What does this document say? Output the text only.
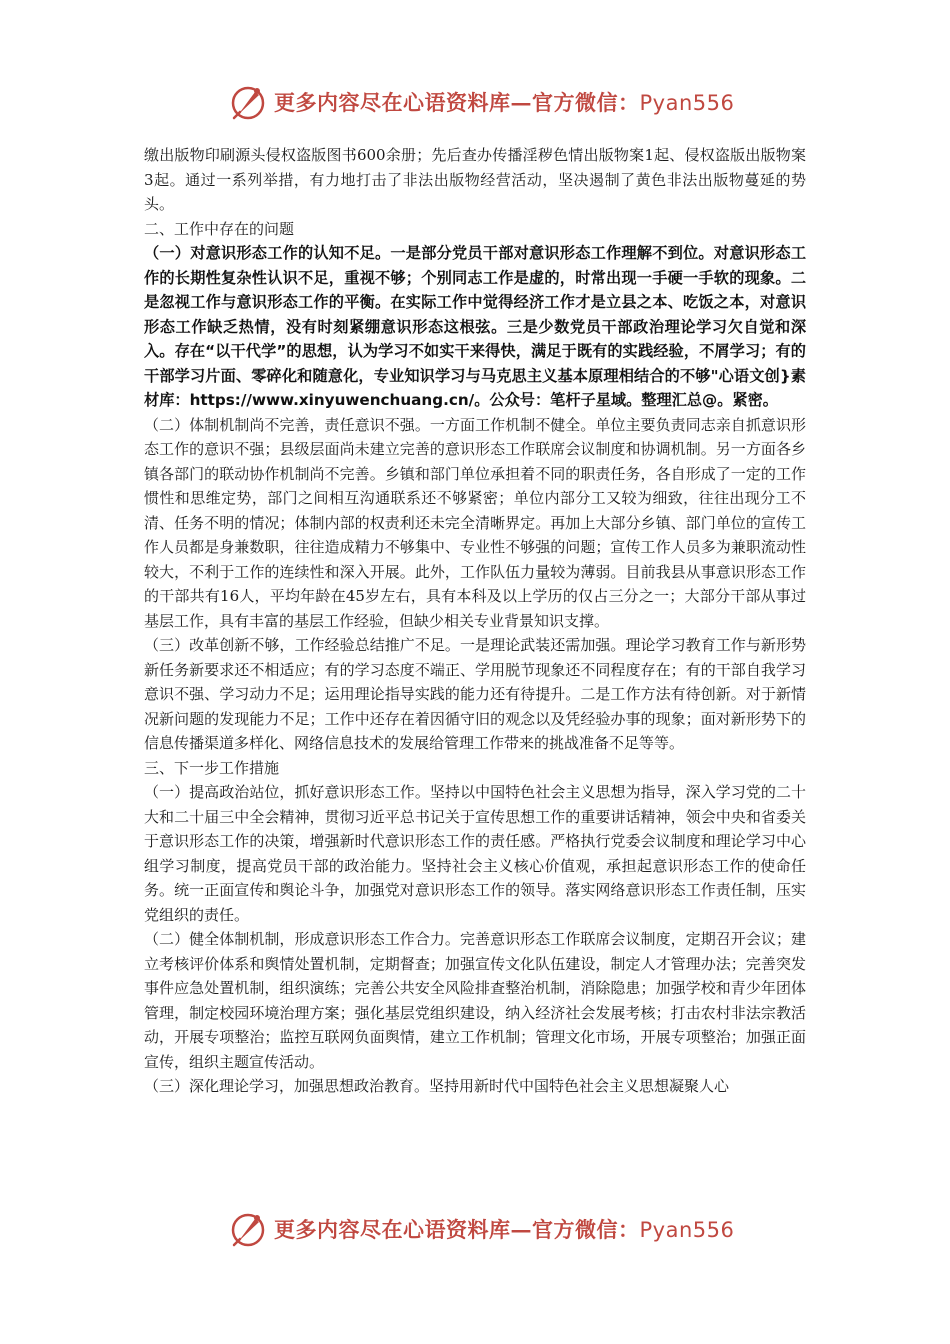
更多内容尽在心语资料库—官方微信：Pyan556

缴出版物印刷源头侵权盗版图书600余册；先后查办传播淫秽色情出版物案1起、侵权盗版出版物案3起。通过一系列举措，有力地打击了非法出版物经营活动，坚决遏制了黄色非法出版物蔓延的势头。

二、工作中存在的问题

（一）对意识形态工作的认知不足。一是部分党员干部对意识形态工作理解不到位。对意识形态工作的长期性复杂性认识不足，重视不够；个别同志工作是虚的，时常出现一手硬一手软的现象。二是忽视工作与意识形态工作的平衡。在实际工作中觉得经济工作才是立县之本、吃饭之本，对意识形态工作缺乏热情，没有时刻紧绷意识形态这根弦。三是少数党员干部政治理论学习欠自觉和深入。存在“以干代学”的思想，认为学习不如实干来得快，满足于既有的实践经验，不屑学习；有的干部学习片面、零碎化和随意化，专业知识学习与马克思主义基本原理相结合的不够"心语文创}素材库：https://www.xinyuwenchuang.cn/。公众号：笔杆子星域。整理汇总@。紧密。

（二）体制机制尚不完善，责任意识不强。一方面工作机制不健全。单位主要负责同志亲自抓意识形态工作的意识不强；县级层面尚未建立完善的意识形态工作联席会议制度和协调机制。另一方面各乡镇各部门的联动协作机制尚不完善。乡镇和部门单位承担着不同的职责任务，各自形成了一定的工作惯性和思维定势，部门之间相互沟通联系还不够紧密；单位内部分工又较为细致，往往出现分工不清、任务不明的情况；体制内部的权责利还未完全清晰界定。再加上大部分乡镇、部门单位的宣传工作人员都是身兼数职，往往造成精力不够集中、专业性不够强的问题；宣传工作人员多为兼职流动性较大，不利于工作的连续性和深入开展。此外，工作队伍力量较为薄弱。目前我县从事意识形态工作的干部共有16人，平均年龄在45岁左右，具有本科及以上学历的仅占三分之一；大部分干部从事过基层工作，具有丰富的基层工作经验，但缺少相关专业背景知识支撑。

（三）改革创新不够，工作经验总结推广不足。一是理论武装还需加强。理论学习教育工作与新形势新任务新要求还不相适应；有的学习态度不端正、学用脱节现象还不同程度存在；有的干部自我学习意识不强、学习动力不足；运用理论指导实践的能力还有待提升。二是工作方法有待创新。对于新情况新问题的发现能力不足；工作中还存在着因循守旧的观念以及凭经验办事的现象；面对新形势下的信息传播渠道多样化、网络信息技术的发展给管理工作带来的挑战准备不足等等。

三、下一步工作措施

（一）提高政治站位，抓好意识形态工作。坚持以中国特色社会主义思想为指导，深入学习党的二十大和二十届三中全会精神，贯彻习近平总书记关于宣传思想工作的重要讲话精神，领会中央和省委关于意识形态工作的决策，增强新时代意识形态工作的责任感。严格执行党委会议制度和理论学习中心组学习制度，提高党员干部的政治能力。坚持社会主义核心价值观，承担起意识形态工作的使命任务。统一正面宣传和舆论斗争，加强党对意识形态工作的领导。落实网络意识形态工作责任制，压实党组织的责任。

（二）健全体制机制，形成意识形态工作合力。完善意识形态工作联席会议制度，定期召开会议；建立考核评价体系和舆情处置机制，定期督查；加强宣传文化队伍建设，制定人才管理办法；完善突发事件应急处置机制，组织演练；完善公共安全风险排查整治机制，消除隐患；加强学校和青少年团体管理，制定校园环境治理方案；强化基层党组织建设，纳入经济社会发展考核；打击农村非法宗教活动，开展专项整治；监控互联网负面舆情，建立工作机制；管理文化市场，开展专项整治；加强正面宣传，组织主题宣传活动。

（三）深化理论学习，加强思想政治教育。坚持用新时代中国特色社会主义思想凝聚人心

更多内容尽在心语资料库—官方微信：Pyan556
